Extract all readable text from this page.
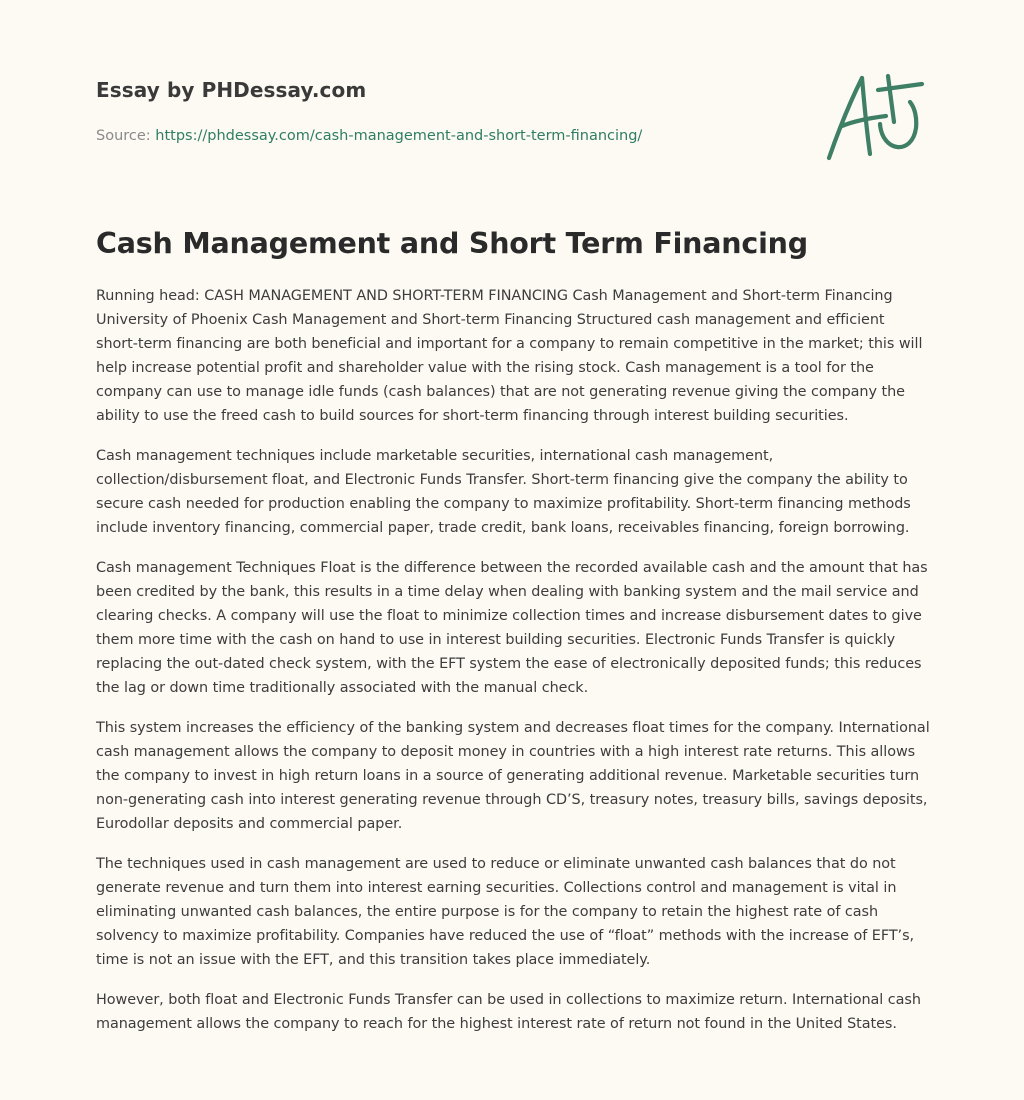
Essay by PHDessay.com
Source: https://phdessay.com/cash-management-and-short-term-financing/
Cash Management and Short Term Financing

Running head: CASH MANAGEMENT AND SHORT-TERM FINANCING Cash Management and Short-term Financing University of Phoenix Cash Management and Short-term Financing Structured cash management and efficient short-term financing are both beneficial and important for a company to remain competitive in the market; this will help increase potential profit and shareholder value with the rising stock. Cash management is a tool for the company can use to manage idle funds (cash balances) that are not generating revenue giving the company the ability to use the freed cash to build sources for short-term financing through interest building securities.

Cash management techniques include marketable securities, international cash management, collection/disbursement float, and Electronic Funds Transfer. Short-term financing give the company the ability to secure cash needed for production enabling the company to maximize profitability. Short-term financing methods include inventory financing, commercial paper, trade credit, bank loans, receivables financing, foreign borrowing.

Cash management Techniques Float is the difference between the recorded available cash and the amount that has been credited by the bank, this results in a time delay when dealing with banking system and the mail service and clearing checks. A company will use the float to minimize collection times and increase disbursement dates to give them more time with the cash on hand to use in interest building securities. Electronic Funds Transfer is quickly replacing the out-dated check system, with the EFT system the ease of electronically deposited funds; this reduces the lag or down time traditionally associated with the manual check.

This system increases the efficiency of the banking system and decreases float times for the company. International cash management allows the company to deposit money in countries with a high interest rate returns. This allows the company to invest in high return loans in a source of generating additional revenue. Marketable securities turn non-generating cash into interest generating revenue through CD’S, treasury notes, treasury bills, savings deposits, Eurodollar deposits and commercial paper.

The techniques used in cash management are used to reduce or eliminate unwanted cash balances that do not generate revenue and turn them into interest earning securities. Collections control and management is vital in eliminating unwanted cash balances, the entire purpose is for the company to retain the highest rate of cash solvency to maximize profitability. Companies have reduced the use of “float” methods with the increase of EFT’s, time is not an issue with the EFT, and this transition takes place immediately.

However, both float and Electronic Funds Transfer can be used in collections to maximize return. International cash management allows the company to reach for the highest interest rate of return not found in the United States.
